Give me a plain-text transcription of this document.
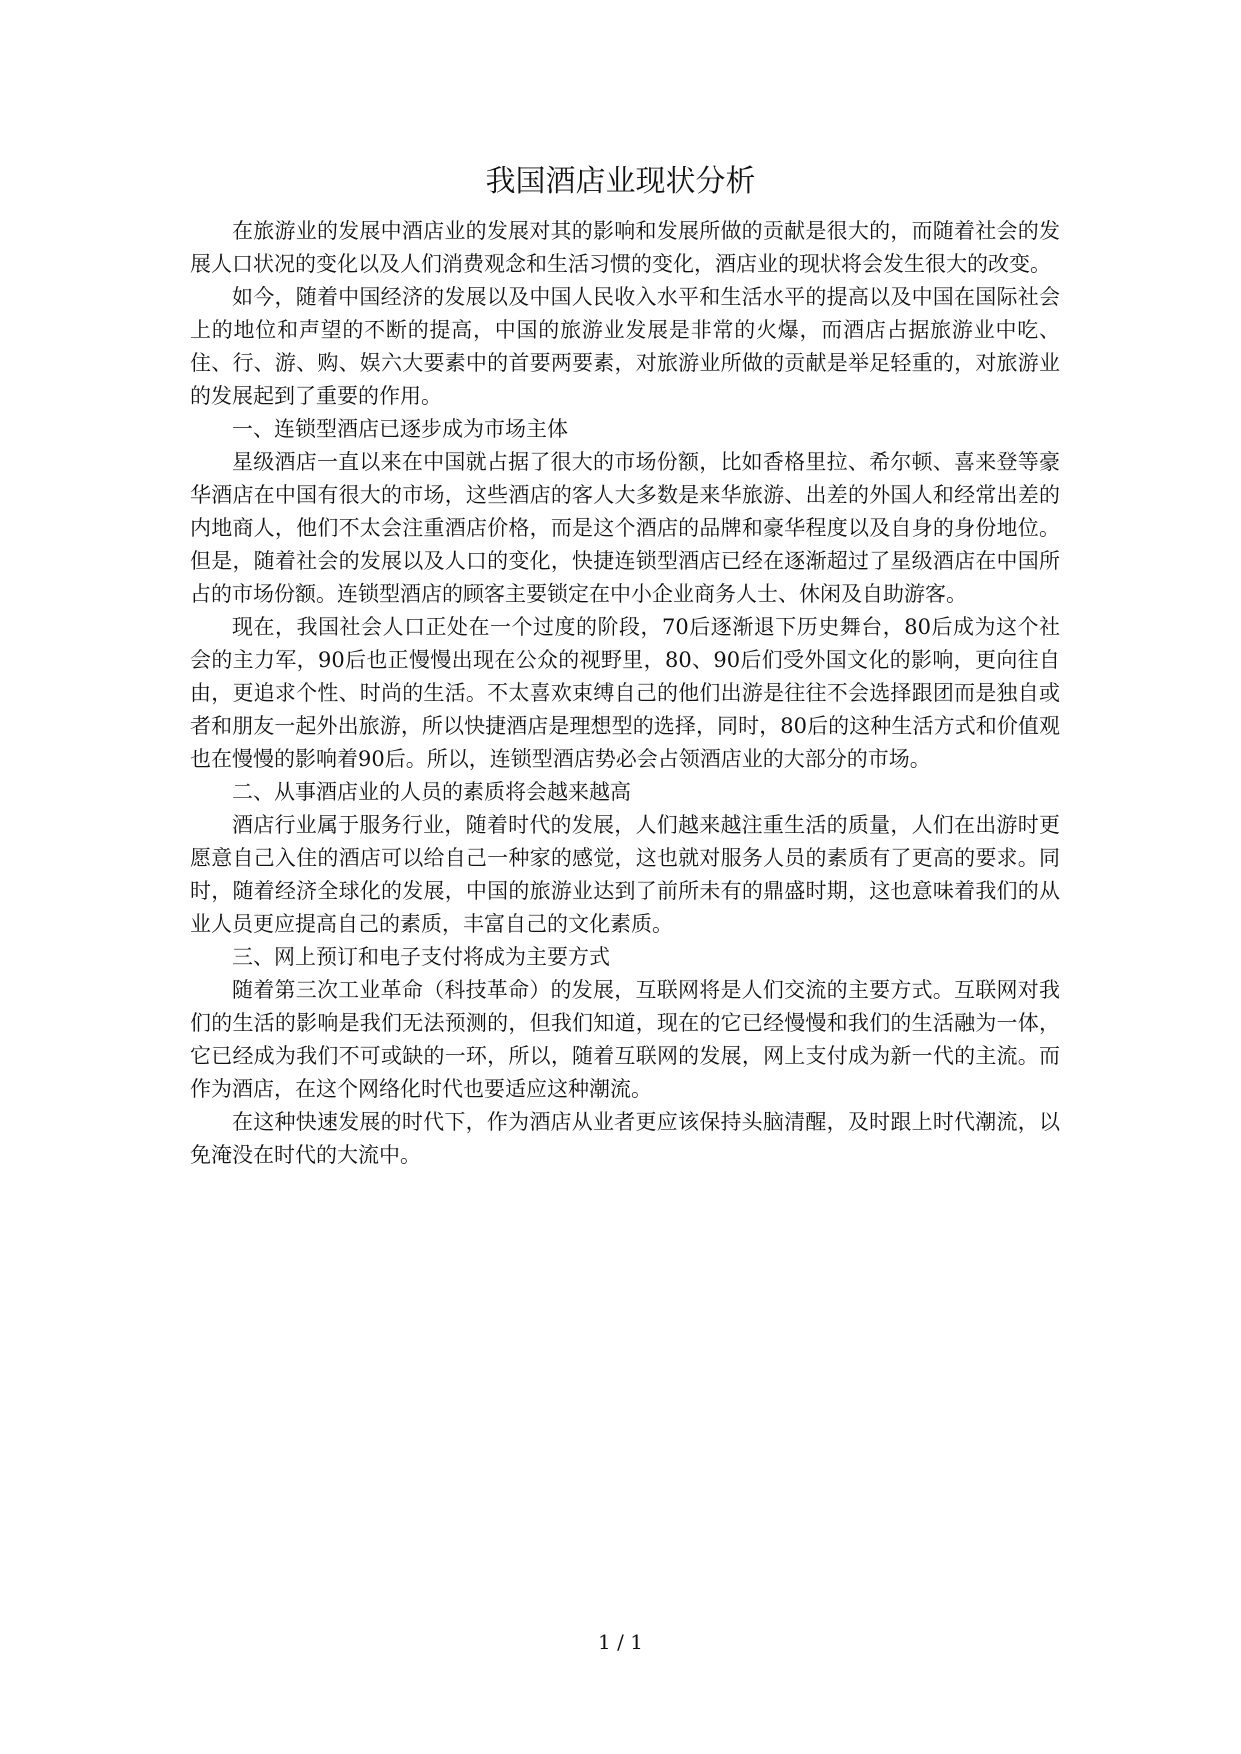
我国酒店业现状分析

在旅游业的发展中酒店业的发展对其的影响和发展所做的贡献是很大的，而随着社会的发展人口状况的变化以及人们消费观念和生活习惯的变化，酒店业的现状将会发生很大的改变。

如今，随着中国经济的发展以及中国人民收入水平和生活水平的提高以及中国在国际社会上的地位和声望的不断的提高，中国的旅游业发展是非常的火爆，而酒店占据旅游业中吃、住、行、游、购、娱六大要素中的首要两要素，对旅游业所做的贡献是举足轻重的，对旅游业的发展起到了重要的作用。

一、连锁型酒店已逐步成为市场主体

星级酒店一直以来在中国就占据了很大的市场份额，比如香格里拉、希尔顿、喜来登等豪华酒店在中国有很大的市场，这些酒店的客人大多数是来华旅游、出差的外国人和经常出差的内地商人，他们不太会注重酒店价格，而是这个酒店的品牌和豪华程度以及自身的身份地位。但是，随着社会的发展以及人口的变化，快捷连锁型酒店已经在逐渐超过了星级酒店在中国所占的市场份额。连锁型酒店的顾客主要锁定在中小企业商务人士、休闲及自助游客。

现在，我国社会人口正处在一个过度的阶段，70后逐渐退下历史舞台，80后成为这个社会的主力军，90后也正慢慢出现在公众的视野里，80、90后们受外国文化的影响，更向往自由，更追求个性、时尚的生活。不太喜欢束缚自己的他们出游是往往不会选择跟团而是独自或者和朋友一起外出旅游，所以快捷酒店是理想型的选择，同时，80后的这种生活方式和价值观也在慢慢的影响着90后。所以，连锁型酒店势必会占领酒店业的大部分的市场。

二、从事酒店业的人员的素质将会越来越高

酒店行业属于服务行业，随着时代的发展，人们越来越注重生活的质量，人们在出游时更愿意自己入住的酒店可以给自己一种家的感觉，这也就对服务人员的素质有了更高的要求。同时，随着经济全球化的发展，中国的旅游业达到了前所未有的鼎盛时期，这也意味着我们的从业人员更应提高自己的素质，丰富自己的文化素质。

三、网上预订和电子支付将成为主要方式

随着第三次工业革命（科技革命）的发展，互联网将是人们交流的主要方式。互联网对我们的生活的影响是我们无法预测的，但我们知道，现在的它已经慢慢和我们的生活融为一体，它已经成为我们不可或缺的一环，所以，随着互联网的发展，网上支付成为新一代的主流。而作为酒店，在这个网络化时代也要适应这种潮流。

在这种快速发展的时代下，作为酒店从业者更应该保持头脑清醒，及时跟上时代潮流，以免淹没在时代的大流中。

1 / 1
